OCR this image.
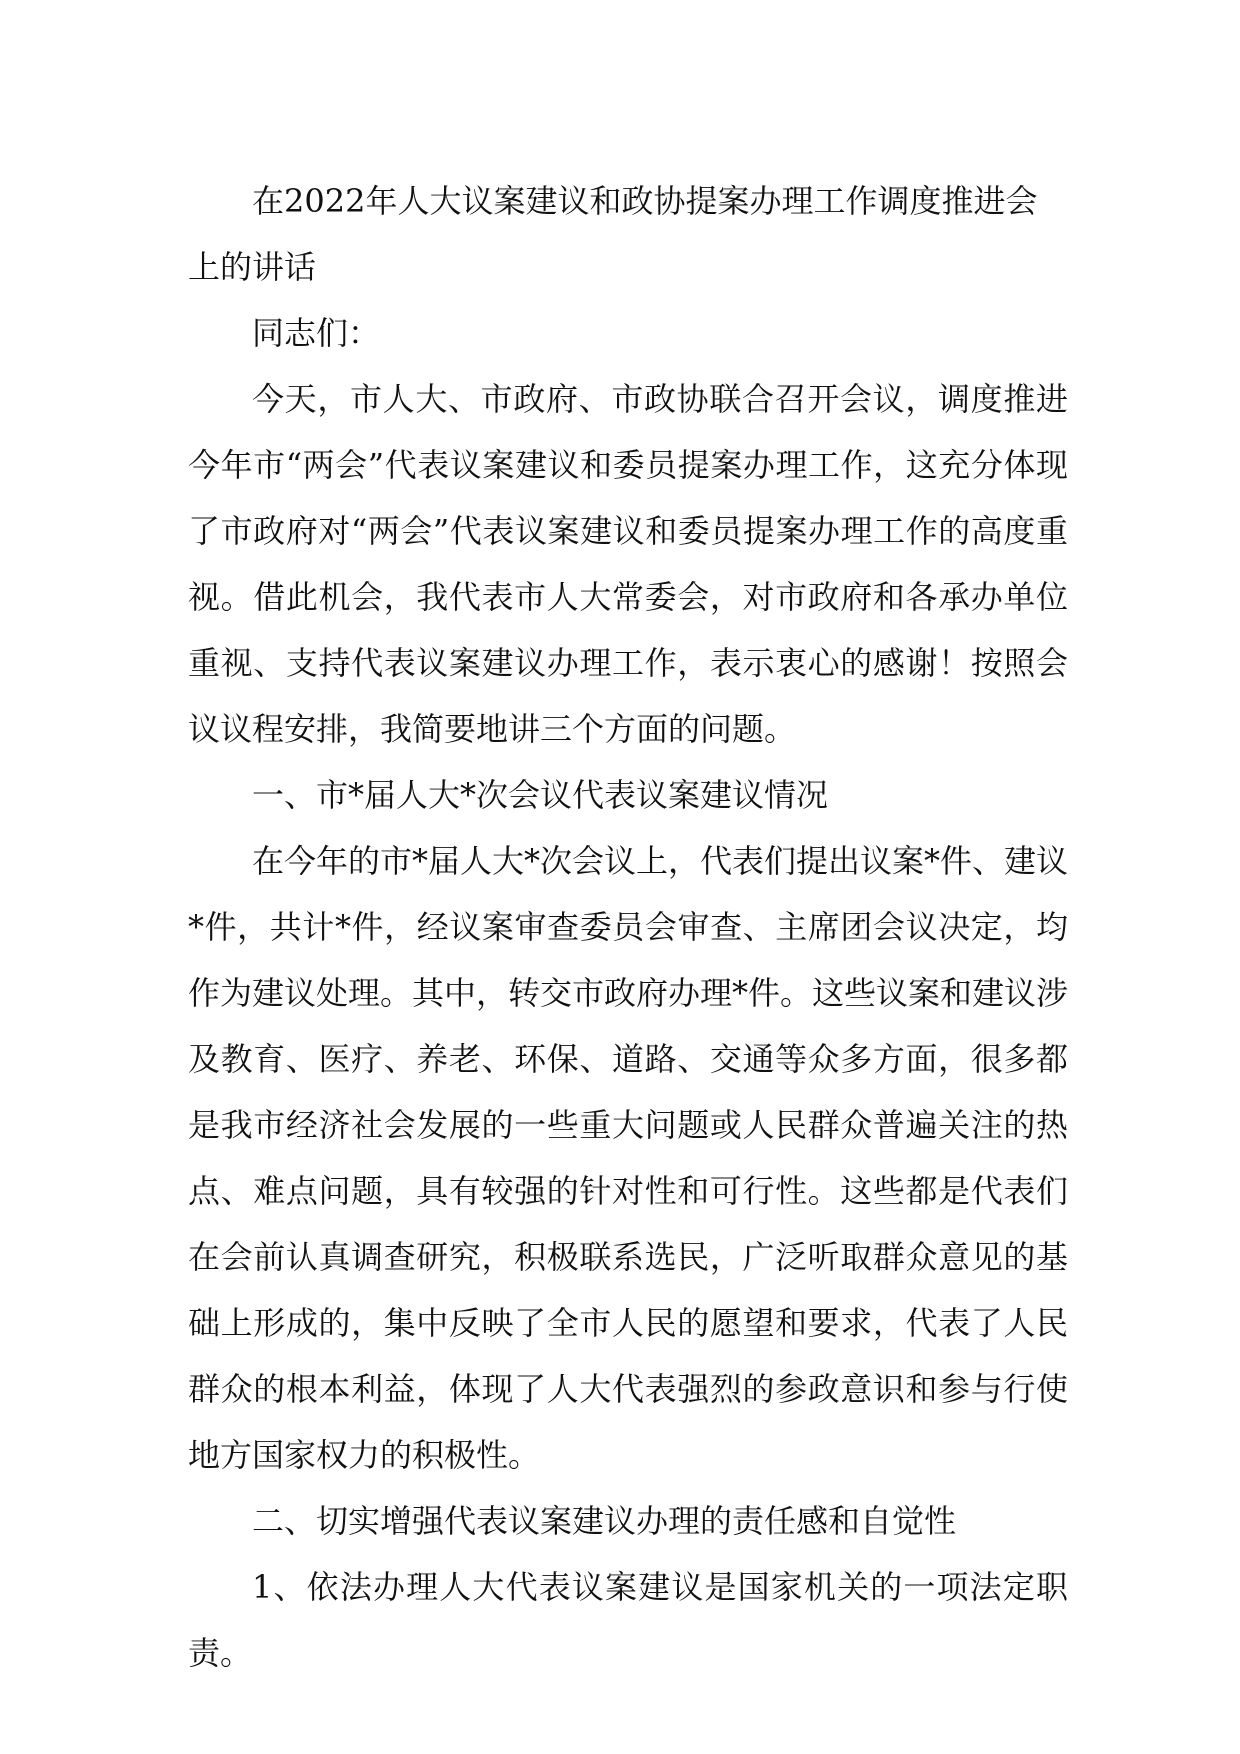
在2022年人大议案建议和政协提案办理工作调度推进会上的讲话

同志们：

今天，市人大、市政府、市政协联合召开会议，调度推进今年市“两会”代表议案建议和委员提案办理工作，这充分体现了市政府对“两会”代表议案建议和委员提案办理工作的高度重视。借此机会，我代表市人大常委会，对市政府和各承办单位重视、支持代表议案建议办理工作，表示衷心的感谢！按照会议议程安排，我简要地讲三个方面的问题。

一、市*届人大*次会议代表议案建议情况

在今年的市*届人大*次会议上，代表们提出议案*件、建议*件，共计*件，经议案审查委员会审查、主席团会议决定，均作为建议处理。其中，转交市政府办理*件。这些议案和建议涉及教育、医疗、养老、环保、道路、交通等众多方面，很多都是我市经济社会发展的一些重大问题或人民群众普遍关注的热点、难点问题，具有较强的针对性和可行性。这些都是代表们在会前认真调查研究，积极联系选民，广泛听取群众意见的基础上形成的，集中反映了全市人民的愿望和要求，代表了人民群众的根本利益，体现了人大代表强烈的参政意识和参与行使地方国家权力的积极性。

二、切实增强代表议案建议办理的责任感和自觉性

1、依法办理人大代表议案建议是国家机关的一项法定职责。
